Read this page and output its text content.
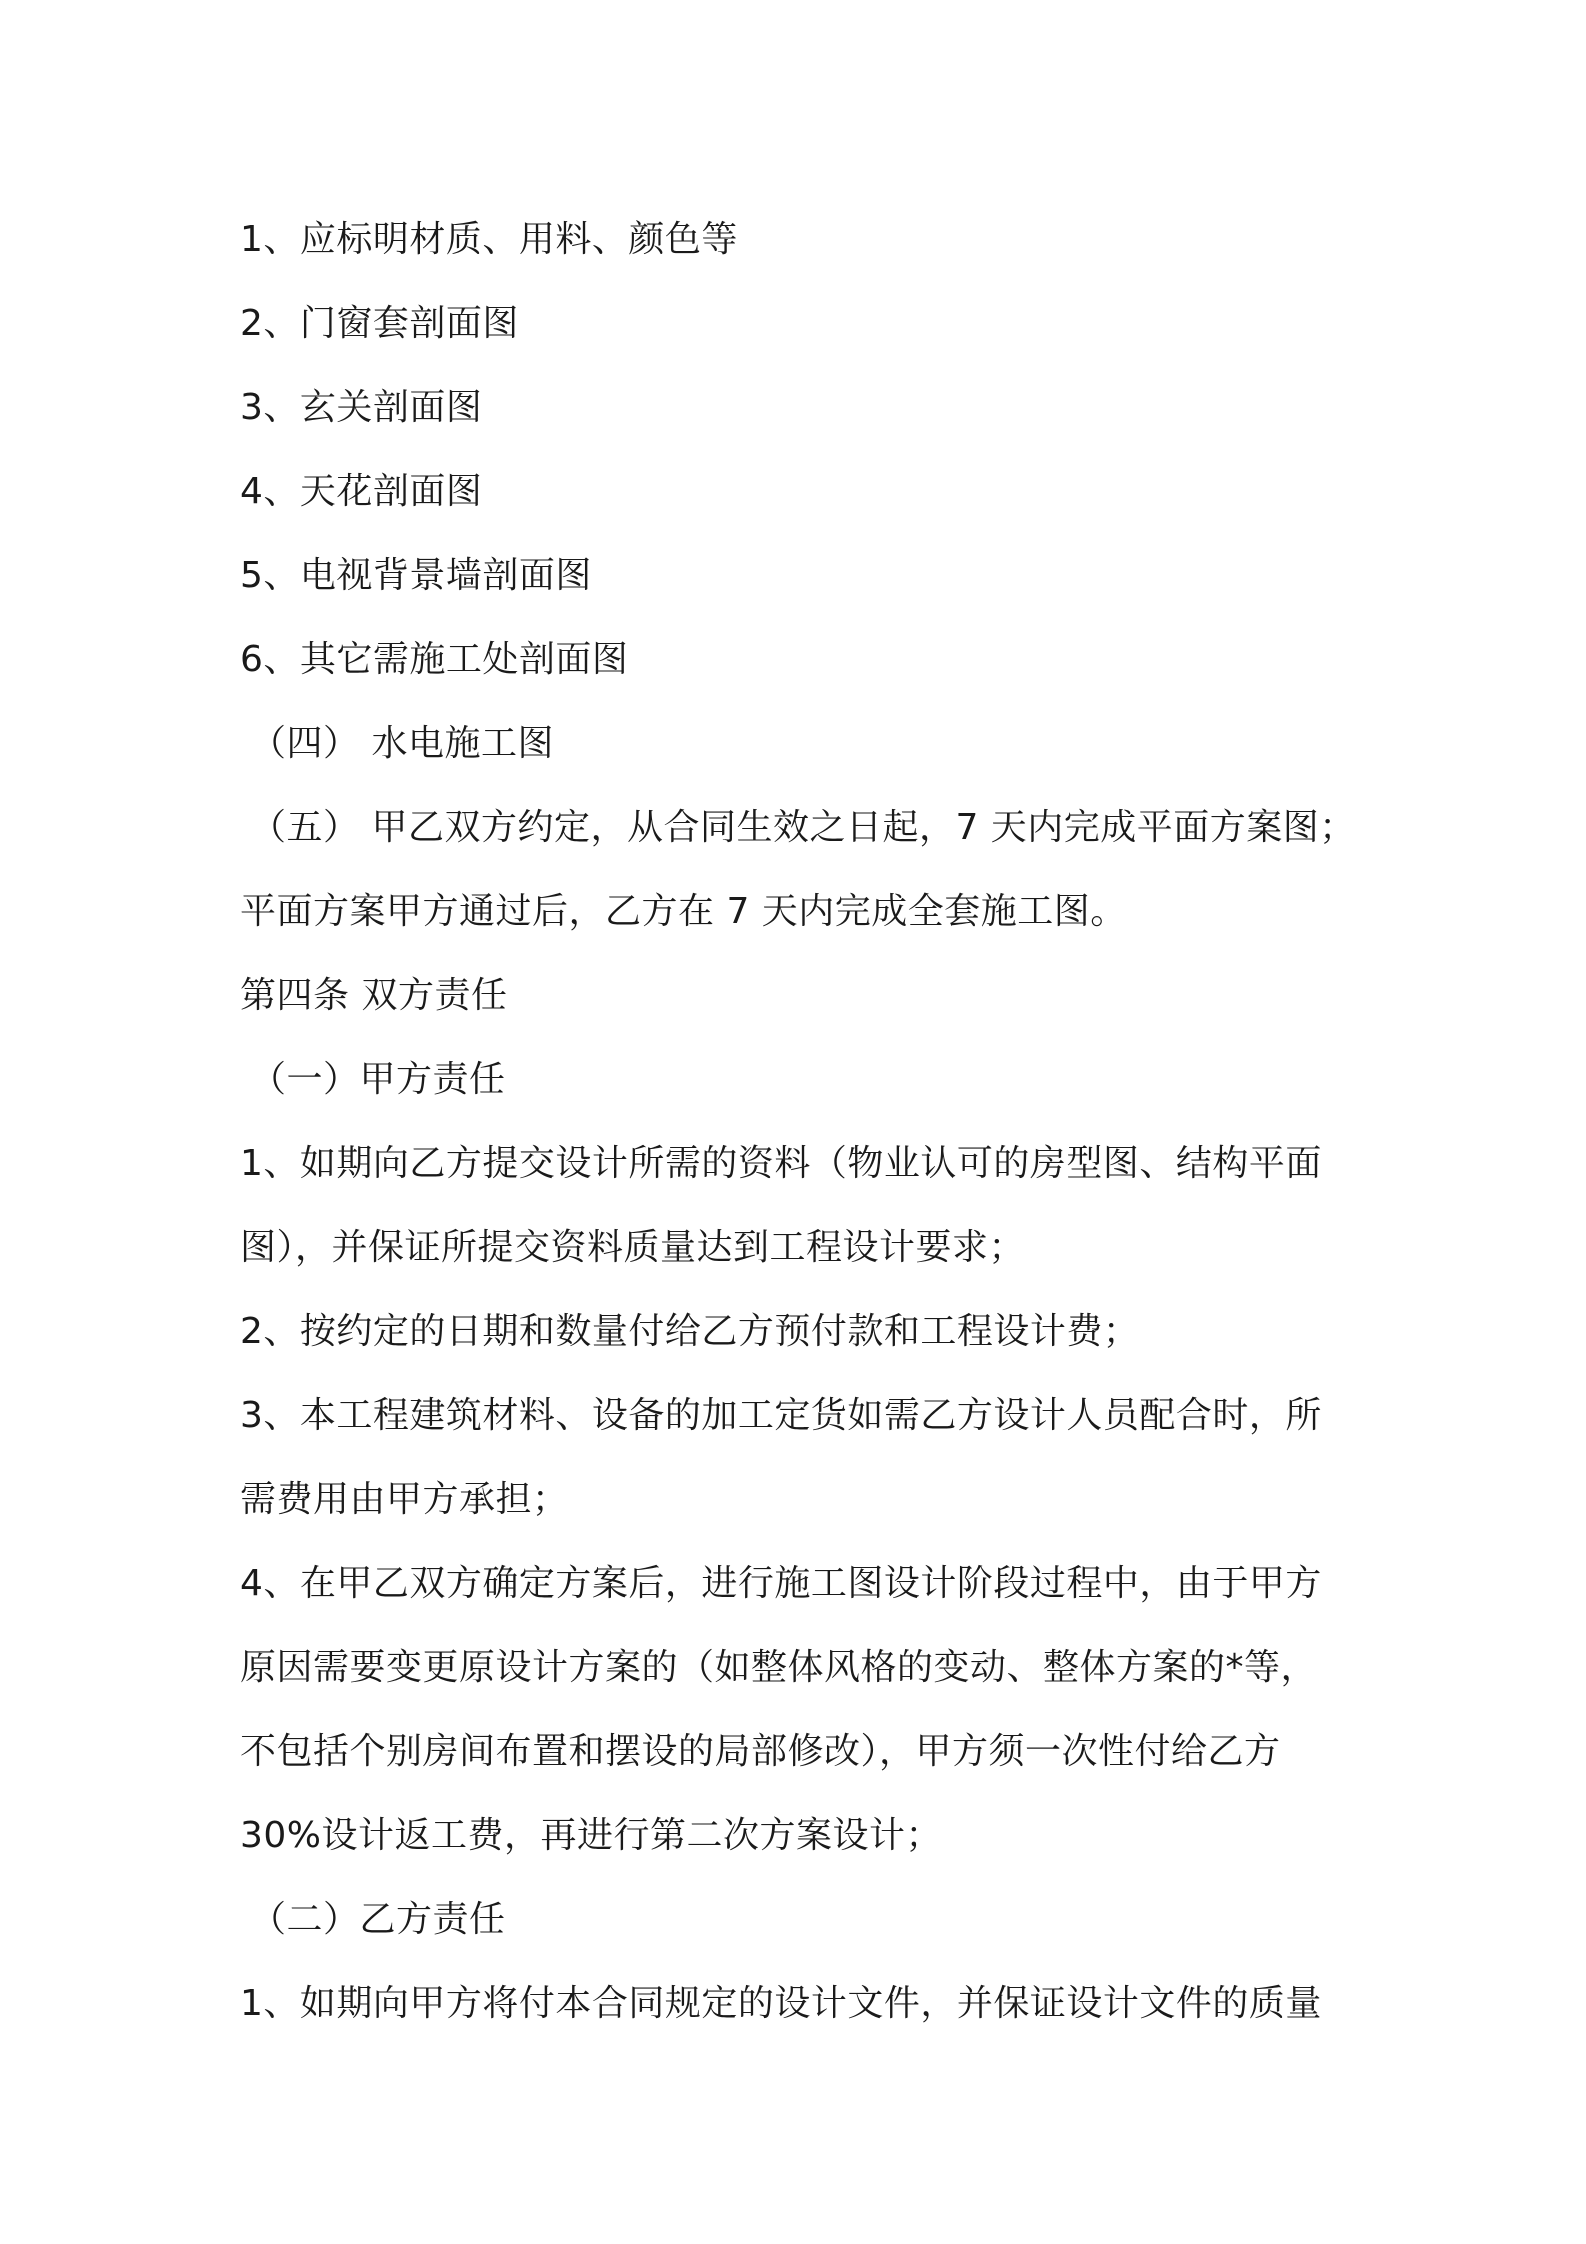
1、应标明材质、用料、颜色等
2、门窗套剖面图
3、玄关剖面图
4、天花剖面图
5、电视背景墙剖面图
6、其它需施工处剖面图
（四） 水电施工图
（五） 甲乙双方约定，从合同生效之日起，7 天内完成平面方案图；
平面方案甲方通过后，乙方在 7 天内完成全套施工图。
第四条 双方责任
（一）甲方责任
1、如期向乙方提交设计所需的资料（物业认可的房型图、结构平面
图），并保证所提交资料质量达到工程设计要求；
2、按约定的日期和数量付给乙方预付款和工程设计费；
3、本工程建筑材料、设备的加工定货如需乙方设计人员配合时，所
需费用由甲方承担；
4、在甲乙双方确定方案后，进行施工图设计阶段过程中，由于甲方
原因需要变更原设计方案的（如整体风格的变动、整体方案的*等，
不包括个别房间布置和摆设的局部修改），甲方须一次性付给乙方
30%设计返工费，再进行第二次方案设计；
（二）乙方责任
1、如期向甲方将付本合同规定的设计文件，并保证设计文件的质量
